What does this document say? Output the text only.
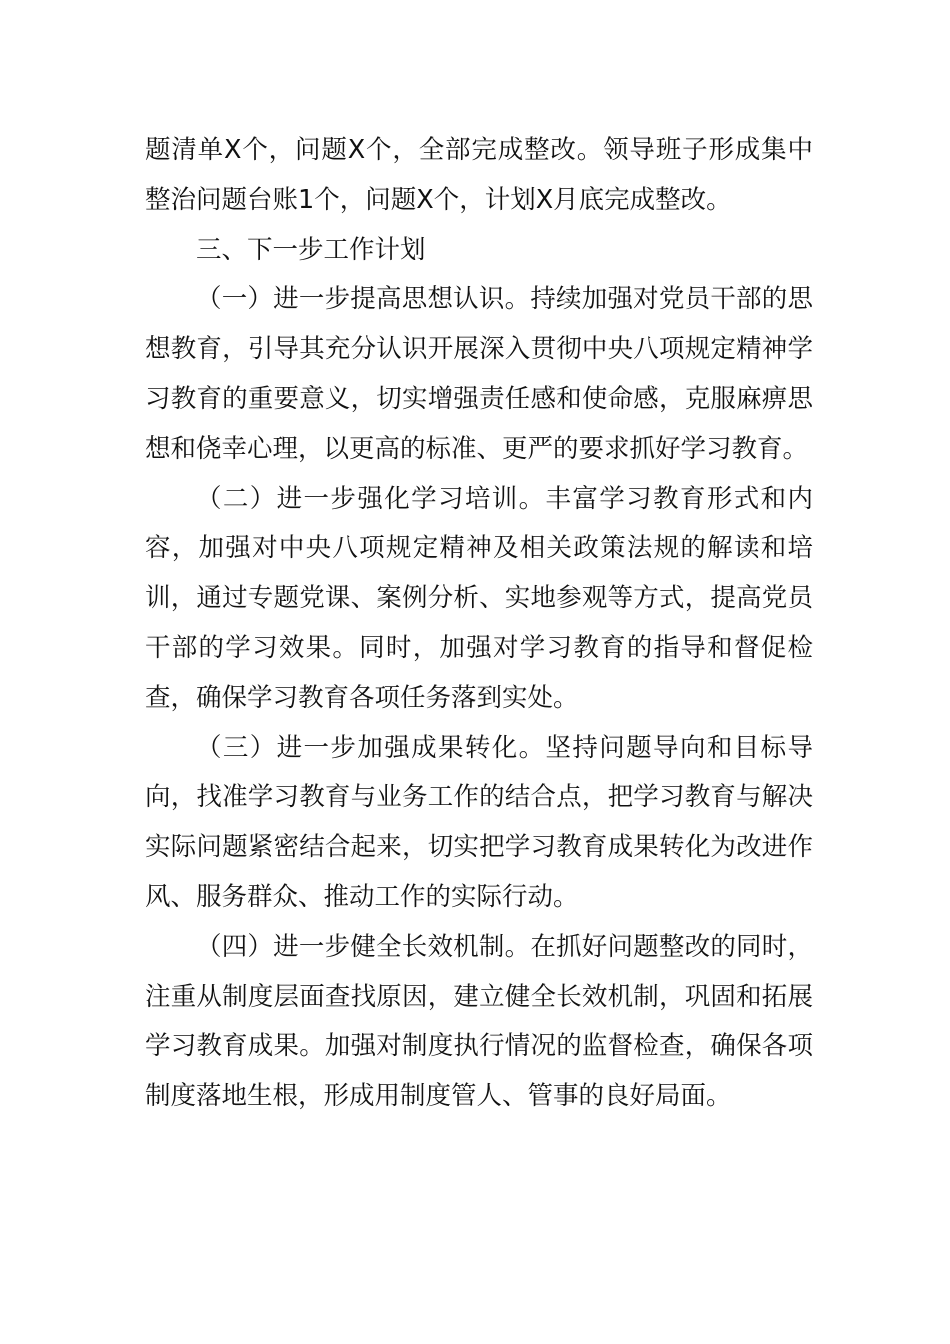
题清单X个，问题X个，全部完成整改。领导班子形成集中整治问题台账1个，问题X个，计划X月底完成整改。

三、下一步工作计划

（一）进一步提高思想认识。持续加强对党员干部的思想教育，引导其充分认识开展深入贯彻中央八项规定精神学习教育的重要意义，切实增强责任感和使命感，克服麻痹思想和侥幸心理，以更高的标准、更严的要求抓好学习教育。

（二）进一步强化学习培训。丰富学习教育形式和内容，加强对中央八项规定精神及相关政策法规的解读和培训，通过专题党课、案例分析、实地参观等方式，提高党员干部的学习效果。同时，加强对学习教育的指导和督促检查，确保学习教育各项任务落到实处。

（三）进一步加强成果转化。坚持问题导向和目标导向，找准学习教育与业务工作的结合点，把学习教育与解决实际问题紧密结合起来，切实把学习教育成果转化为改进作风、服务群众、推动工作的实际行动。

（四）进一步健全长效机制。在抓好问题整改的同时，注重从制度层面查找原因，建立健全长效机制，巩固和拓展学习教育成果。加强对制度执行情况的监督检查，确保各项制度落地生根，形成用制度管人、管事的良好局面。
